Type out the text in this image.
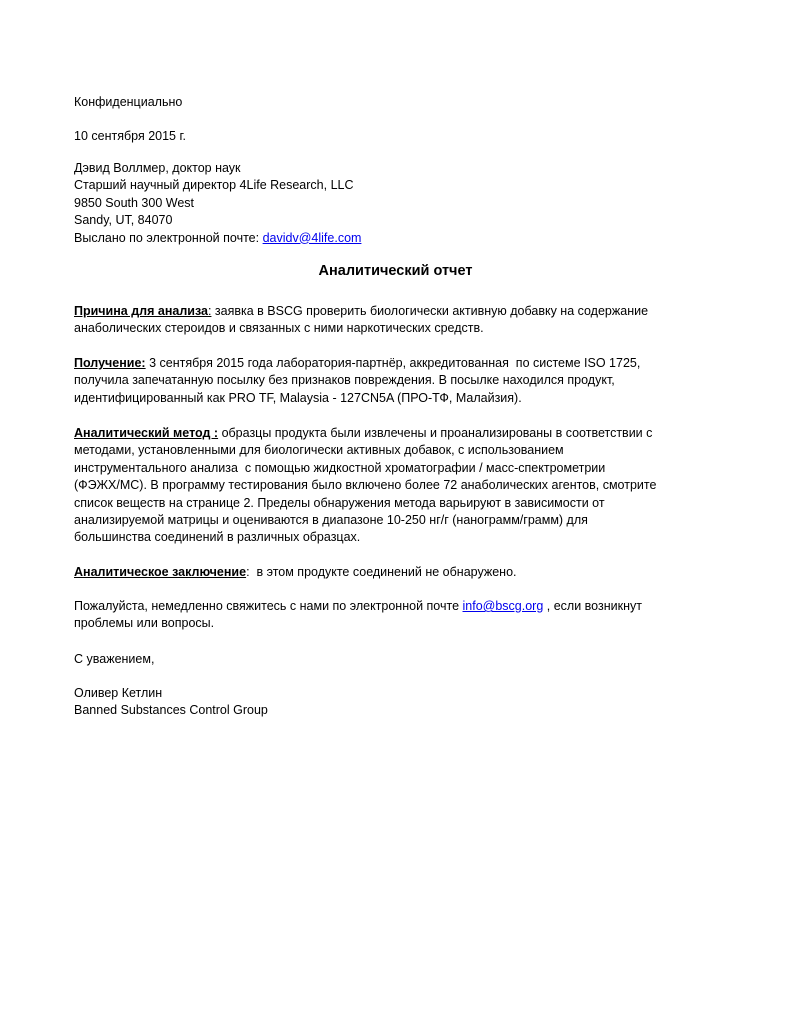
Конфиденциально
10 сентября 2015 г.
Дэвид Воллмер, доктор наук
Старший научный директор 4Life Research, LLC
9850 South 300 West
Sandy, UT, 84070
Выслано по электронной почте: davidv@4life.com
Аналитический отчет
Причина для анализа: заявка в BSCG проверить биологически активную добавку на содержание
анаболических стероидов и связанных с ними наркотических средств.
Получение: 3 сентября 2015 года лаборатория-партнёр, аккредитованная  по системе ISO 1725,
получила запечатанную посылку без признаков повреждения. В посылке находился продукт,
идентифицированный как PRO TF, Malaysia - 127CN5A (ПРО-ТФ, Малайзия).
Аналитический метод : образцы продукта были извлечены и проанализированы в соответствии с
методами, установленными для биологически активных добавок, с использованием
инструментального анализа  с помощью жидкостной хроматографии / масс-спектрометрии
(ФЭЖХ/МС). В программу тестирования было включено более 72 анаболических агентов, смотрите
список веществ на странице 2. Пределы обнаружения метода варьируют в зависимости от
анализируемой матрицы и оцениваются в диапазоне 10-250 нг/г (нанограмм/грамм) для
большинства соединений в различных образцах.
Аналитическое заключение:  в этом продукте соединений не обнаружено.
Пожалуйста, немедленно свяжитесь с нами по электронной почте info@bscg.org , если возникнут
проблемы или вопросы.
С уважением,
Оливер Кетлин
Banned Substances Control Group
